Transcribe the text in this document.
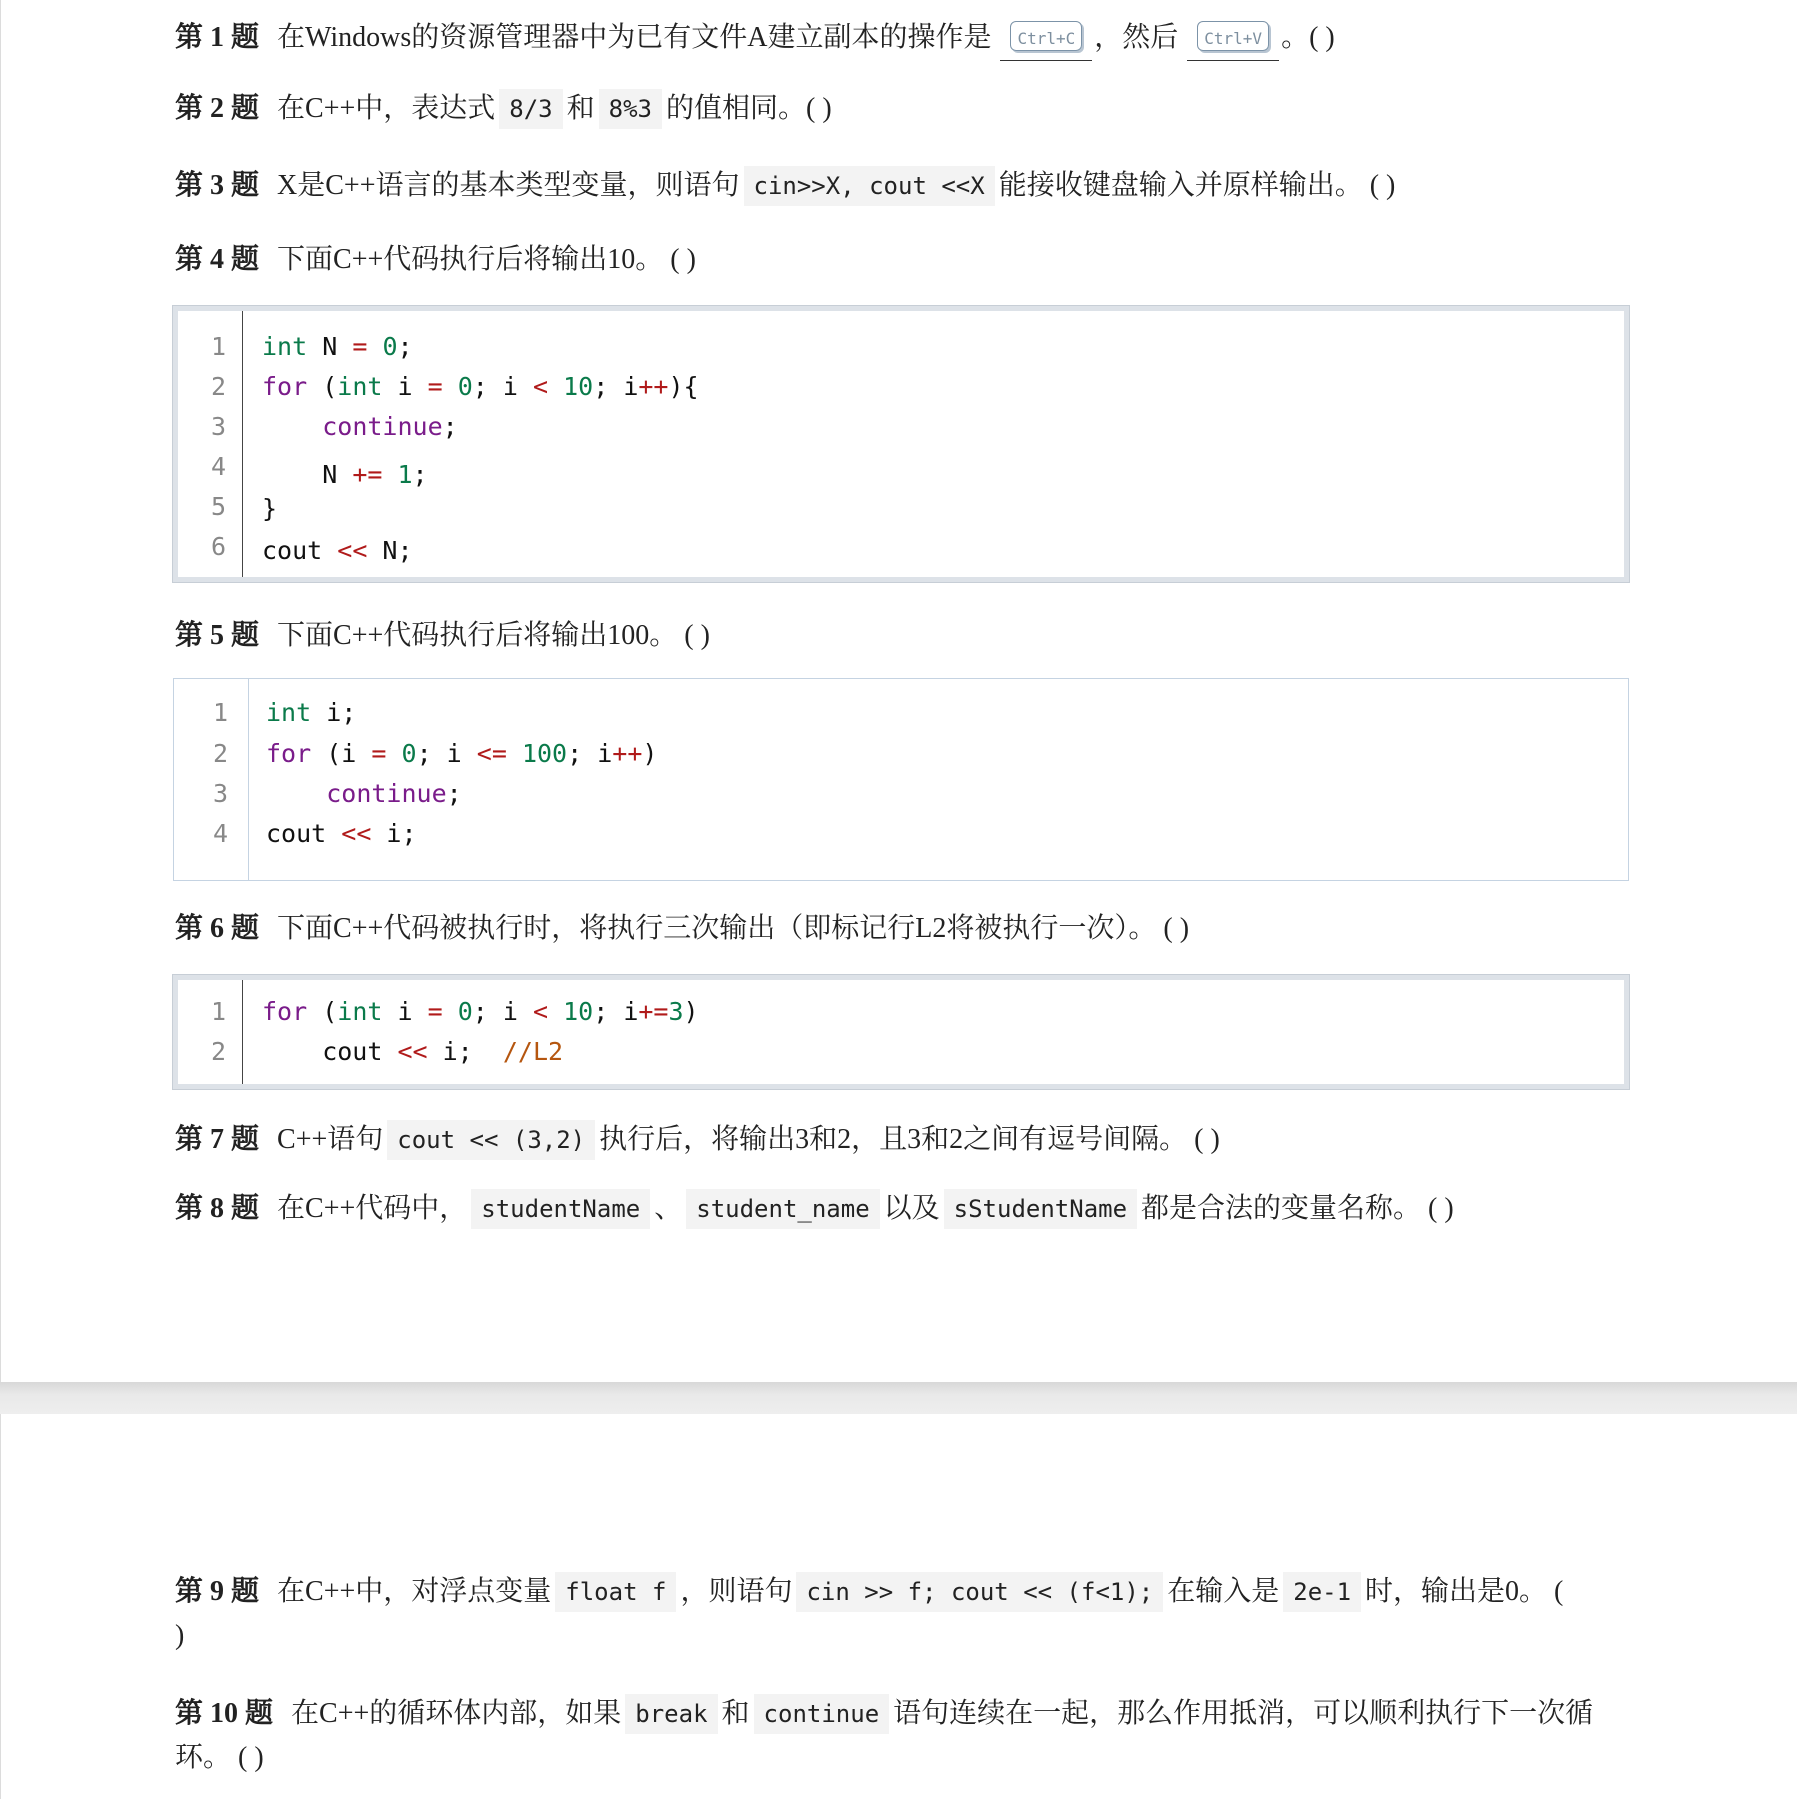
第 1 题 在Windows的资源管理器中为已有文件A建立副本的操作是 Ctrl+C ，然后 Ctrl+V 。( )
第 2 题 在C++中，表达式 8/3 和 8%3 的值相同。( )
第 3 题 X是C++语言的基本类型变量，则语句 cin>>X, cout <<X 能接收键盘输入并原样输出。 ( )
第 4 题 下面C++代码执行后将输出10。 ( )
1
2
3
4
5
6
int N = 0;
for (int i = 0; i < 10; i++){
continue;
N += 1;
}
cout << N;
第 5 题 下面C++代码执行后将输出100。 ( )
1
2
3
4
int i;
for (i = 0; i <= 100; i++)
continue;
cout << i;
第 6 题 下面C++代码被执行时，将执行三次输出（即标记行L2将被执行一次）。 ( )
1
2
for (int i = 0; i < 10; i+=3)
cout << i;  //L2
第 7 题 C++语句 cout << (3,2) 执行后，将输出3和2，且3和2之间有逗号间隔。 ( )
第 8 题 在C++代码中， studentName 、 student_name 以及 sStudentName 都是合法的变量名称。 ( )
第 9 题 在C++中，对浮点变量 float f ，则语句 cin >> f; cout << (f<1); 在输入是 2e-1 时，输出是0。 (
)
第 10 题 在C++的循环体内部，如果 break 和 continue 语句连续在一起，那么作用抵消，可以顺利执行下一次循环。 ( )
